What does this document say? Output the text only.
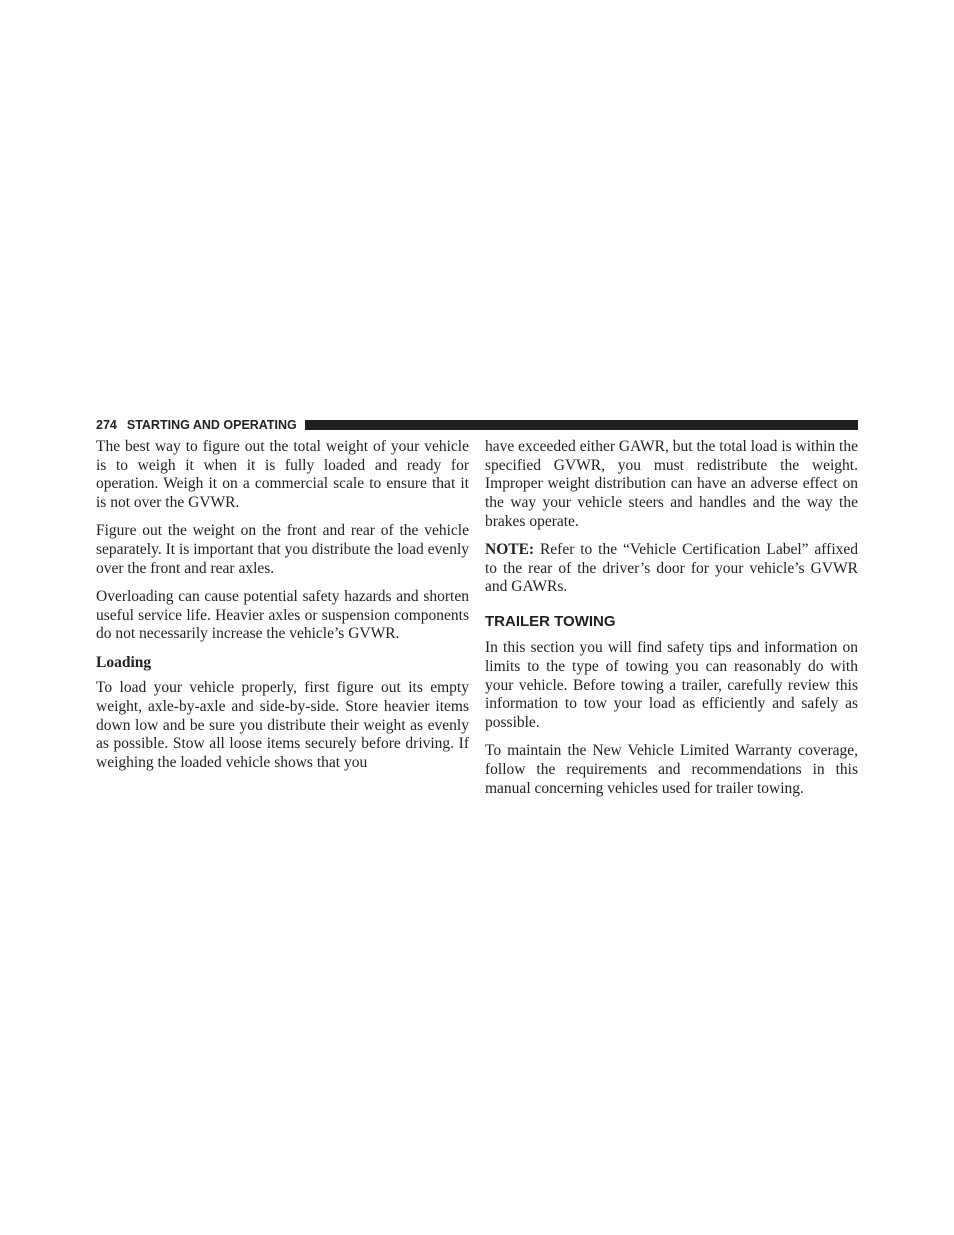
274 STARTING AND OPERATING

The best way to figure out the total weight of your vehicle is to weigh it when it is fully loaded and ready for operation. Weigh it on a commercial scale to ensure that it is not over the GVWR.

Figure out the weight on the front and rear of the vehicle separately. It is important that you distribute the load evenly over the front and rear axles.

Overloading can cause potential safety hazards and shorten useful service life. Heavier axles or suspension components do not necessarily increase the vehicle’s GVWR.

Loading

To load your vehicle properly, first figure out its empty weight, axle-by-axle and side-by-side. Store heavier items down low and be sure you distribute their weight as evenly as possible. Stow all loose items securely before driving. If weighing the loaded vehicle shows that you

have exceeded either GAWR, but the total load is within the specified GVWR, you must redistribute the weight. Improper weight distribution can have an adverse effect on the way your vehicle steers and handles and the way the brakes operate.

NOTE: Refer to the “Vehicle Certification Label” affixed to the rear of the driver’s door for your vehicle’s GVWR and GAWRs.

TRAILER TOWING

In this section you will find safety tips and information on limits to the type of towing you can reasonably do with your vehicle. Before towing a trailer, carefully review this information to tow your load as efficiently and safely as possible.

To maintain the New Vehicle Limited Warranty coverage, follow the requirements and recommendations in this manual concerning vehicles used for trailer towing.
